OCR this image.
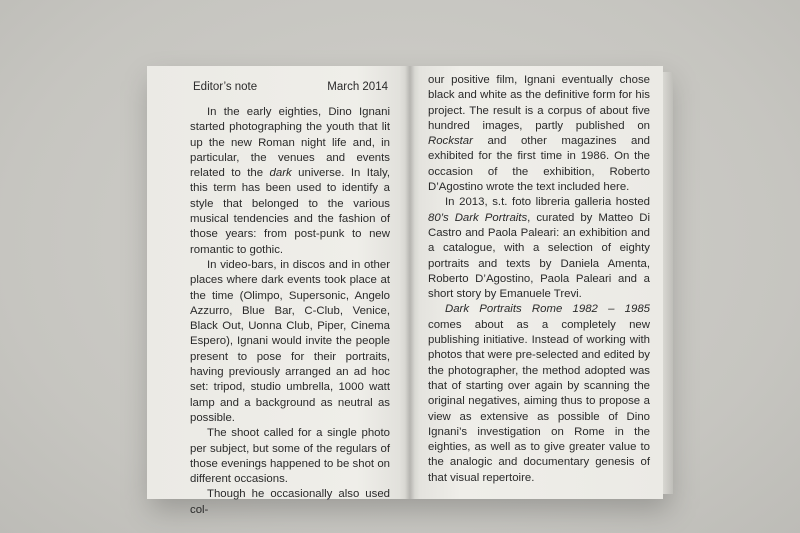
Editor’s note	March 2014

In the early eighties, Dino Ignani started photographing the youth that lit up the new Roman night life and, in particular, the venues and events related to the dark universe. In Italy, this term has been used to identify a style that belonged to the various musical tendencies and the fashion of those years: from post-punk to new romantic to gothic.

In video-bars, in discos and in other places where dark events took place at the time (Olimpo, Supersonic, Angelo Azzurro, Blue Bar, C-Club, Venice, Black Out, Uonna Club, Piper, Cinema Espero), Ignani would invite the people present to pose for their portraits, having previously arranged an ad hoc set: tripod, studio umbrella, 1000 watt lamp and a background as neutral as possible.

The shoot called for a single photo per subject, but some of the regulars of those evenings happened to be shot on different occasions.

Though he occasionally also used col-

our positive film, Ignani eventually chose black and white as the definitive form for his project. The result is a corpus of about five hundred images, partly published on Rockstar and other magazines and exhibited for the first time in 1986. On the occasion of the exhibition, Roberto D’Agostino wrote the text included here.

In 2013, s.t. foto libreria galleria hosted 80’s Dark Portraits, curated by Matteo Di Castro and Paola Paleari: an exhibition and a catalogue, with a selection of eighty portraits and texts by Daniela Amenta, Roberto D’Agostino, Paola Paleari and a short story by Emanuele Trevi.

Dark Portraits Rome 1982 – 1985 comes about as a completely new publishing initiative. Instead of working with photos that were pre-selected and edited by the photographer, the method adopted was that of starting over again by scanning the original negatives, aiming thus to propose a view as extensive as possible of Dino Ignani’s investigation on Rome in the eighties, as well as to give greater value to the analogic and documentary genesis of that visual repertoire.
